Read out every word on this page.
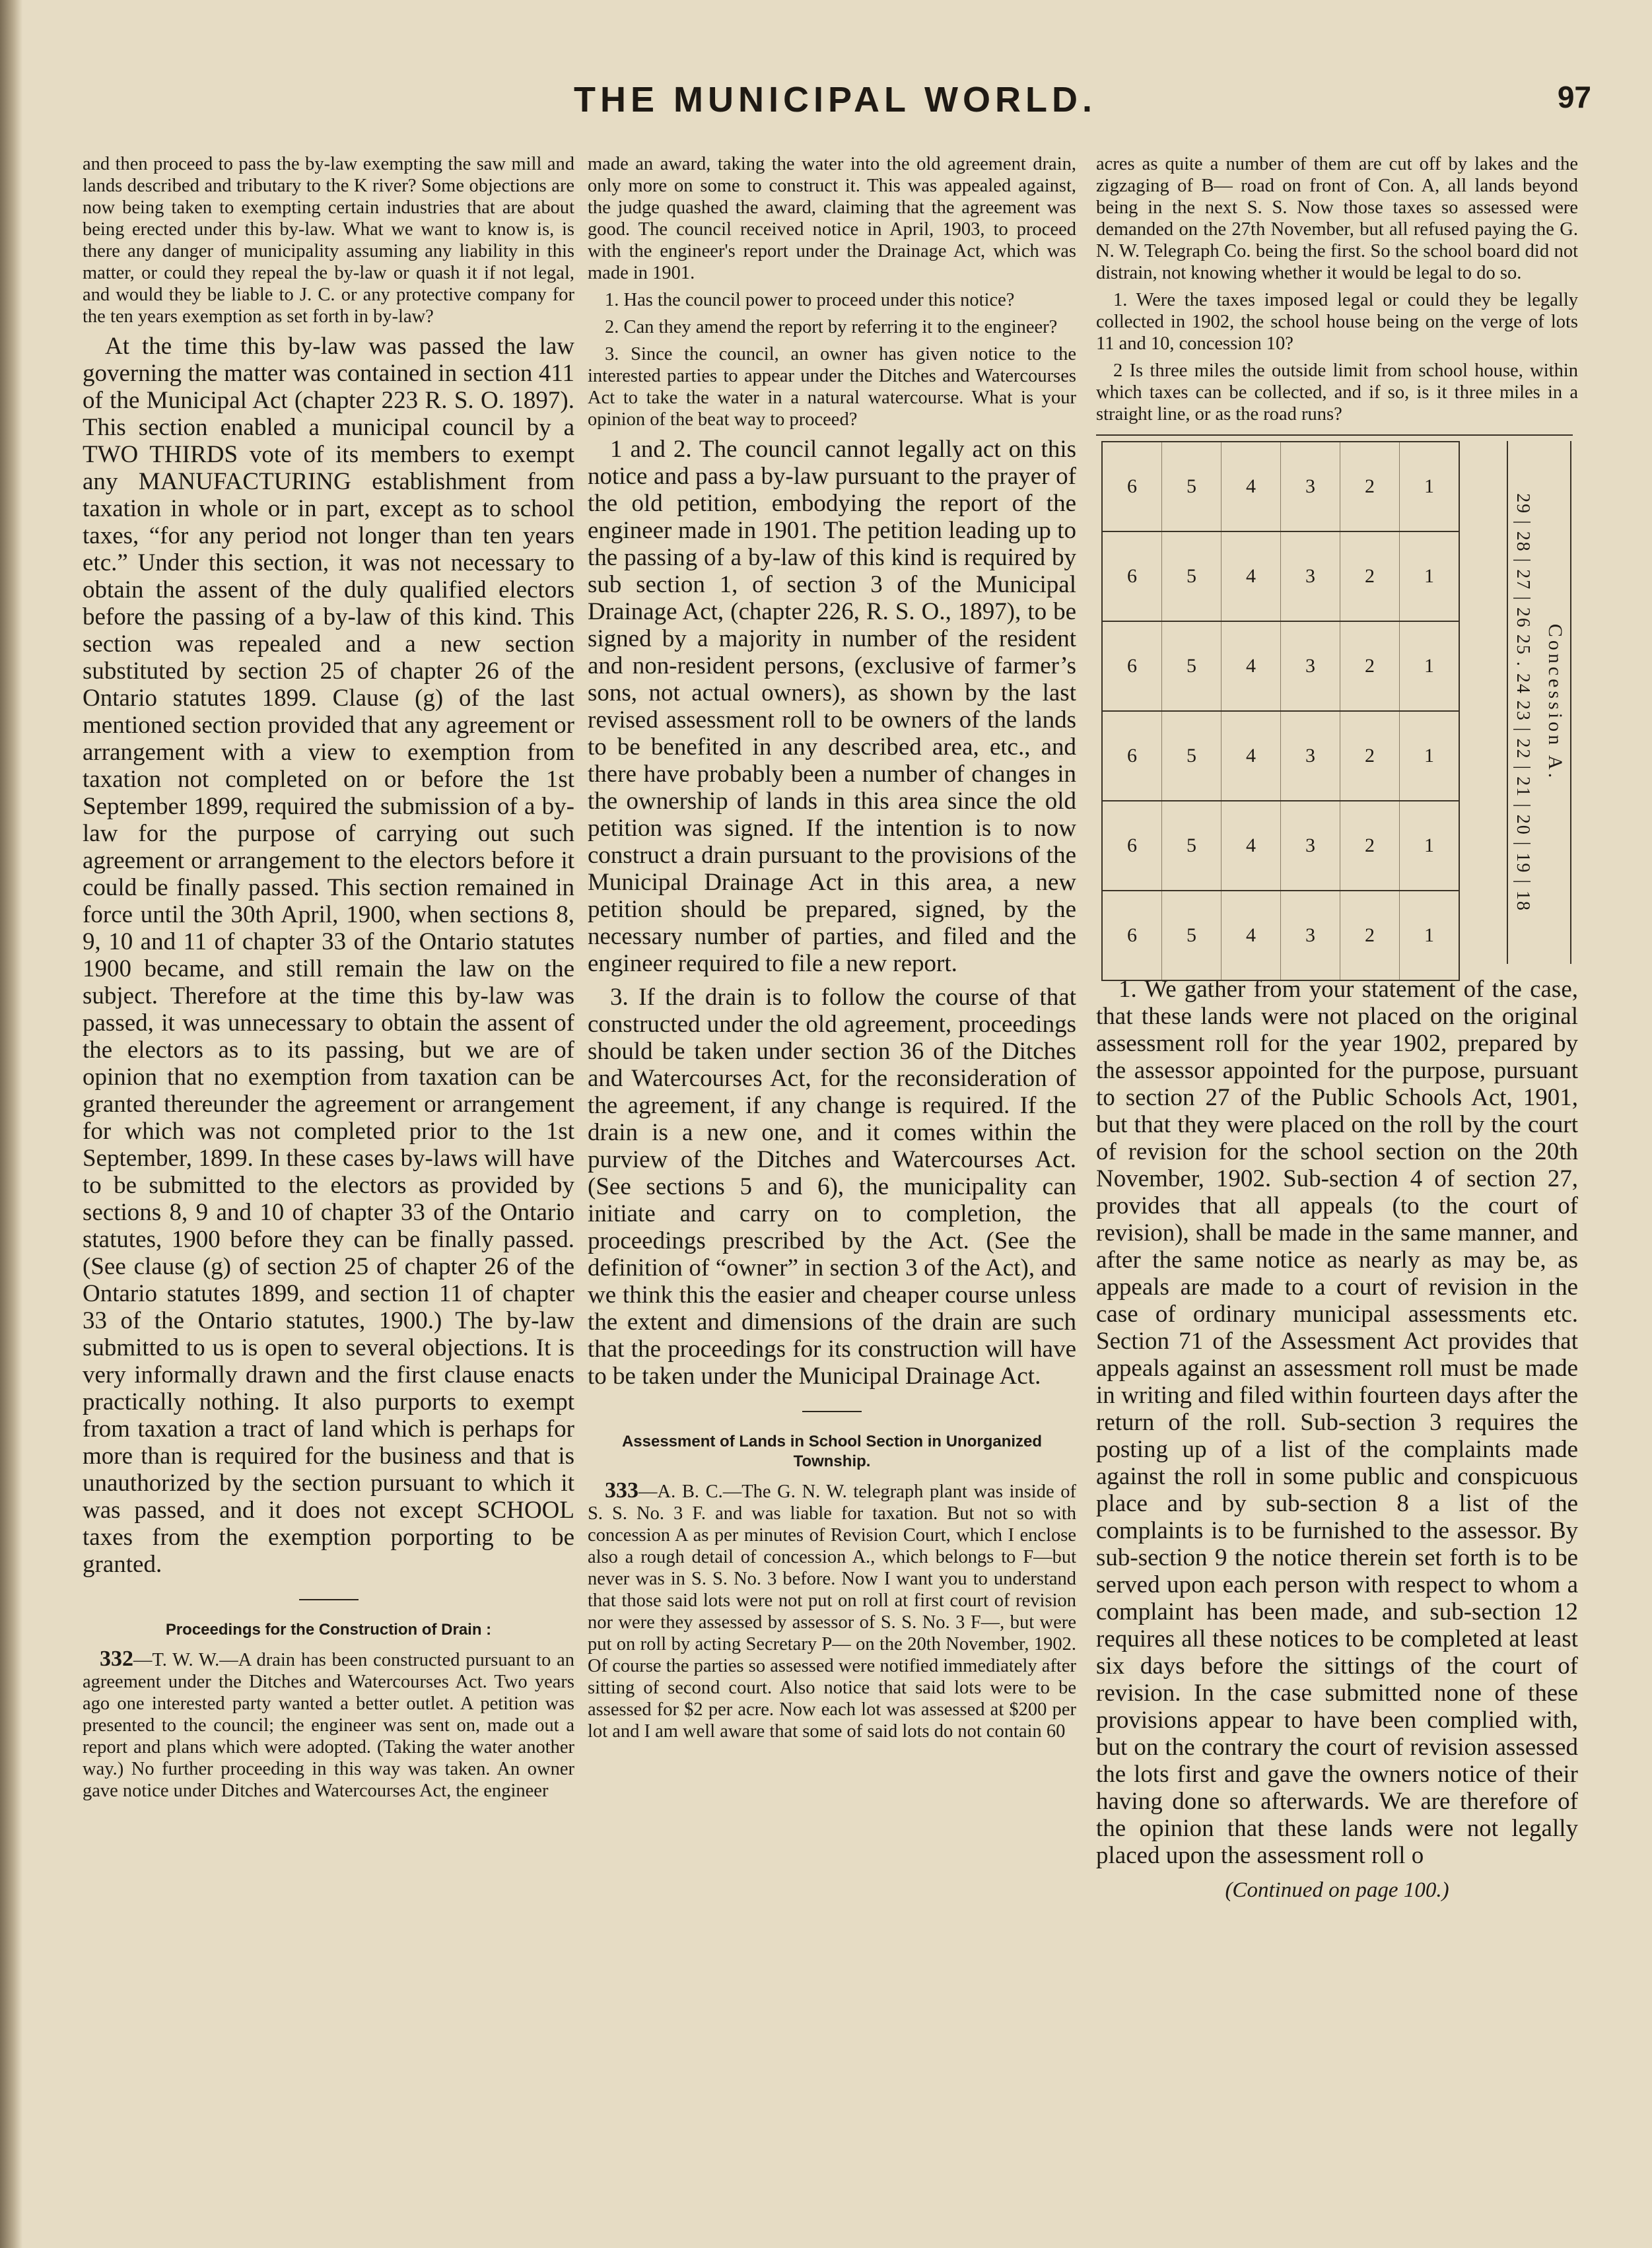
THE MUNICIPAL WORLD.	97

and then proceed to pass the by-law exempting the saw mill and lands described and tributary to the K river? Some objections are now being taken to exempting certain industries that are about being erected under this by-law. What we want to know is, is there any danger of municipality assuming any liability in this matter, or could they repeal the by-law or quash it if not legal, and would they be liable to J. C. or any protective company for the ten years exemption as set forth in by-law?

At the time this by-law was passed the law governing the matter was contained in section 411 of the Municipal Act (chapter 223 R. S. O. 1897). This section enabled a municipal council by a TWO THIRDS vote of its members to exempt any MANUFACTURING establishment from taxation in whole or in part, except as to school taxes, “for any period not longer than ten years etc.” Under this section, it was not necessary to obtain the assent of the duly qualified electors before the passing of a by-law of this kind. This section was repealed and a new section substituted by section 25 of chapter 26 of the Ontario statutes 1899. Clause (g) of the last mentioned section provided that any agreement or arrangement with a view to exemption from taxation not completed on or before the 1st September 1899, required the submission of a by-law for the purpose of carrying out such agreement or arrangement to the electors before it could be finally passed. This section remained in force until the 30th April, 1900, when sections 8, 9, 10 and 11 of chapter 33 of the Ontario statutes 1900 became, and still remain the law on the subject. Therefore at the time this by-law was passed, it was unnecessary to obtain the assent of the electors as to its passing, but we are of opinion that no exemption from taxation can be granted thereunder the agreement or arrangement for which was not completed prior to the 1st September, 1899. In these cases by-laws will have to be submitted to the electors as provided by sections 8, 9 and 10 of chapter 33 of the Ontario statutes, 1900 before they can be finally passed. (See clause (g) of section 25 of chapter 26 of the Ontario statutes 1899, and section 11 of chapter 33 of the Ontario statutes, 1900.) The by-law submitted to us is open to several objections. It is very informally drawn and the first clause enacts practically nothing. It also purports to exempt from taxation a tract of land which is perhaps for more than is required for the business and that is unauthorized by the section pursuant to which it was passed, and it does not except SCHOOL taxes from the exemption porporting to be granted.

Proceedings for the Construction of Drain :

332—T. W. W.—A drain has been constructed pursuant to an agreement under the Ditches and Watercourses Act. Two years ago one interested party wanted a better outlet. A petition was presented to the council; the engineer was sent on, made out a report and plans which were adopted. (Taking the water another way.) No further proceeding in this way was taken. An owner gave notice under Ditches and Watercourses Act, the engineer

made an award, taking the water into the old agreement drain, only more on some to construct it. This was appealed against, the judge quashed the award, claiming that the agreement was good. The council received notice in April, 1903, to proceed with the engineer's report under the Drainage Act, which was made in 1901.

1. Has the council power to proceed under this notice?

2. Can they amend the report by referring it to the engineer?

3. Since the council, an owner has given notice to the interested parties to appear under the Ditches and Watercourses Act to take the water in a natural watercourse. What is your opinion of the beat way to proceed?

1 and 2. The council cannot legally act on this notice and pass a by-law pursuant to the prayer of the old petition, embodying the report of the engineer made in 1901. The petition leading up to the passing of a by-law of this kind is required by sub section 1, of section 3 of the Municipal Drainage Act, (chapter 226, R. S. O., 1897), to be signed by a majority in number of the resident and non-resident persons, (exclusive of farmer’s sons, not actual owners), as shown by the last revised assessment roll to be owners of the lands to be benefited in any described area, etc., and there have probably been a number of changes in the ownership of lands in this area since the old petition was signed. If the intention is to now construct a drain pursuant to the provisions of the Municipal Drainage Act in this area, a new petition should be prepared, signed, by the necessary number of parties, and filed and the engineer required to file a new report.

3. If the drain is to follow the course of that constructed under the old agreement, proceedings should be taken under section 36 of the Ditches and Watercourses Act, for the reconsideration of the agreement, if any change is required. If the drain is a new one, and it comes within the purview of the Ditches and Watercourses Act. (See sections 5 and 6), the municipality can initiate and carry on to completion, the proceedings prescribed by the Act. (See the definition of “owner” in section 3 of the Act), and we think this the easier and cheaper course unless the extent and dimensions of the drain are such that the proceedings for its construction will have to be taken under the Municipal Drainage Act.

Assessment of Lands in School Section in Unorganized Township.

333—A. B. C.—The G. N. W. telegraph plant was inside of S. S. No. 3 F. and was liable for taxation. But not so with concession A as per minutes of Revision Court, which I enclose also a rough detail of concession A., which belongs to F—but never was in S. S. No. 3 before. Now I want you to understand that those said lots were not put on roll at first court of revision nor were they assessed by assessor of S. S. No. 3 F—, but were put on roll by acting Secretary P— on the 20th November, 1902. Of course the parties so assessed were notified immediately after sitting of second court. Also notice that said lots were to be assessed for $2 per acre. Now each lot was assessed at $200 per lot and I am well aware that some of said lots do not contain 60

acres as quite a number of them are cut off by lakes and the zigzaging of B— road on front of Con. A, all lands beyond being in the next S. S. Now those taxes so assessed were demanded on the 27th November, but all refused paying the G. N. W. Telegraph Co. being the first. So the school board did not distrain, not knowing whether it would be legal to do so.

1. Were the taxes imposed legal or could they be legally collected in 1902, the school house being on the verge of lots 11 and 10, concession 10?

2 Is three miles the outside limit from school house, within which taxes can be collected, and if so, is it three miles in a straight line, or as the road runs?

6	5	4	3	2	1
6	5	4	3	2	1
6	5	4	3	2	1
6	5	4	3	2	1
6	5	4	3	2	1
6	5	4	3	2	1
29 | 28 | 27 | 26 25 . 24 23 | 22 | 21 | 20 | 19 | 18 Concession A.

1. We gather from your statement of the case, that these lands were not placed on the original assessment roll for the year 1902, prepared by the assessor appointed for the purpose, pursuant to section 27 of the Public Schools Act, 1901, but that they were placed on the roll by the court of revision for the school section on the 20th November, 1902. Sub-section 4 of section 27, provides that all appeals (to the court of revision), shall be made in the same manner, and after the same notice as nearly as may be, as appeals are made to a court of revision in the case of ordinary municipal assessments etc. Section 71 of the Assessment Act provides that appeals against an assessment roll must be made in writing and filed within fourteen days after the return of the roll. Sub-section 3 requires the posting up of a list of the complaints made against the roll in some public and conspicuous place and by sub-section 8 a list of the complaints is to be furnished to the assessor. By sub-section 9 the notice therein set forth is to be served upon each person with respect to whom a complaint has been made, and sub-section 12 requires all these notices to be completed at least six days before the sittings of the court of revision. In the case submitted none of these provisions appear to have been complied with, but on the contrary the court of revision assessed the lots first and gave the owners notice of their having done so afterwards. We are therefore of the opinion that these lands were not legally placed upon the assessment roll o

(Continued on page 100.)
